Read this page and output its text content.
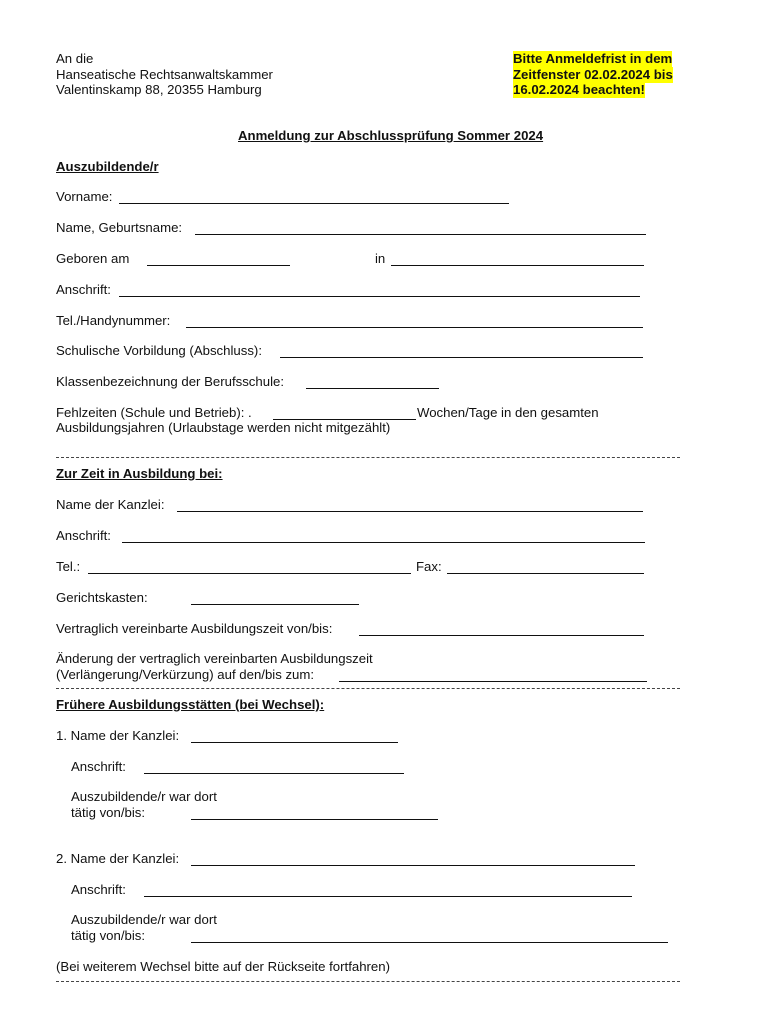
An die
Hanseatische Rechtsanwaltskammer
Valentinskamp 88, 20355 Hamburg
Bitte Anmeldefrist in dem
Zeitfenster 02.02.2024 bis
16.02.2024 beachten!
Anmeldung zur Abschlussprüfung Sommer 2024
Auszubildende/r
Vorname:
Name, Geburtsname:
Geboren am	in
Anschrift:
Tel./Handynummer:
Schulische Vorbildung (Abschluss):
Klassenbezeichnung der Berufsschule:
Fehlzeiten (Schule und Betrieb): .	Wochen/Tage in den gesamten
Ausbildungsjahren (Urlaubstage werden nicht mitgezählt)
Zur Zeit in Ausbildung bei:
Name der Kanzlei:
Anschrift:
Tel.:	Fax:
Gerichtskasten:
Vertraglich vereinbarte Ausbildungszeit von/bis:
Änderung der vertraglich vereinbarten Ausbildungszeit
(Verlängerung/Verkürzung) auf den/bis zum:
Frühere Ausbildungsstätten (bei Wechsel):
1. Name der Kanzlei:
Anschrift:
Auszubildende/r war dort
tätig von/bis:
2. Name der Kanzlei:
Anschrift:
Auszubildende/r war dort
tätig von/bis:
(Bei weiterem Wechsel bitte auf der Rückseite fortfahren)
